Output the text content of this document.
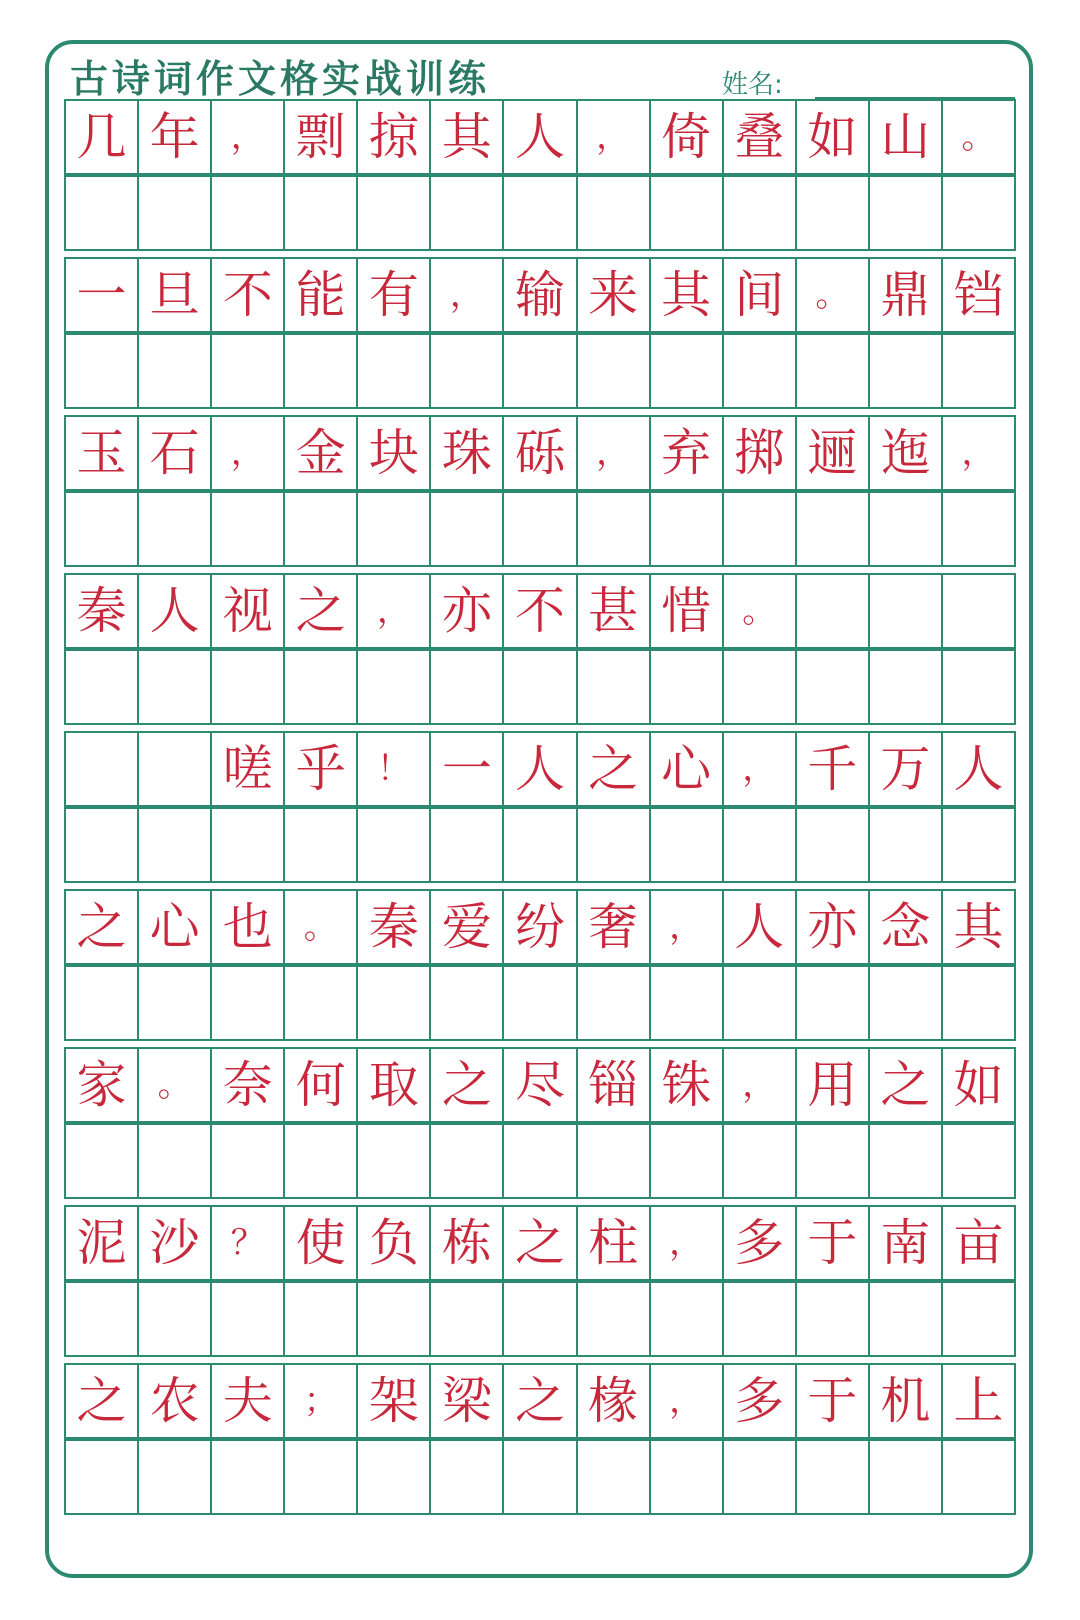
古诗词作文格实战训练	姓名:
几 年 ， 剽 掠 其 人 ， 倚 叠 如 山 。
一 旦 不 能 有 ， 输 来 其 间 。 鼎 铛
玉 石 ， 金 块 珠 砾 ， 弃 掷 逦 迤 ，
秦 人 视 之 ， 亦 不 甚 惜 。
嗟 乎 ！ 一 人 之 心 ， 千 万 人
之 心 也 。 秦 爱 纷 奢 ， 人 亦 念 其
家 。 奈 何 取 之 尽 锱 铢 ， 用 之 如
泥 沙 ？ 使 负 栋 之 柱 ， 多 于 南 亩
之 农 夫 ； 架 梁 之 椽 ， 多 于 机 上
